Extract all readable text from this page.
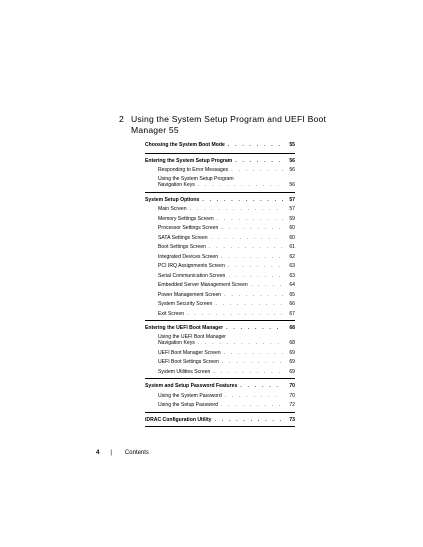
2 Using the System Setup Program and UEFI Boot Manager 55
Choosing the System Boot Mode . . .	55
Entering the System Setup Program . . .	56
Responding to Error Messages . . .	56
Using the System Setup Program
Navigation Keys . . .	56
System Setup Options . . .	57
Main Screen . . .	57
Memory Settings Screen . . .	59
Processor Settings Screen . . .	60
SATA Settings Screen . . .	60
Boot Settings Screen . . .	61
Integrated Devices Screen . . .	62
PCI IRQ Assignments Screen . . .	63
Serial Communication Screen . . .	63
Embedded Server Management Screen . . .	64
Power Management Screen . . .	65
System Security Screen . . .	66
Exit Screen . . .	67
Entering the UEFI Boot Manager . . .	68
Using the UEFI Boot Manager
Navigation Keys . . .	68
UEFI Boot Manager Screen . . .	69
UEFI Boot Settings Screen . . .	69
System Utilities Screen . . .	69
System and Setup Password Features . . .	70
Using the System Password . . .	70
Using the Setup Password . . .	72
iDRAC Configuration Utility . . .	73
4 | Contents
